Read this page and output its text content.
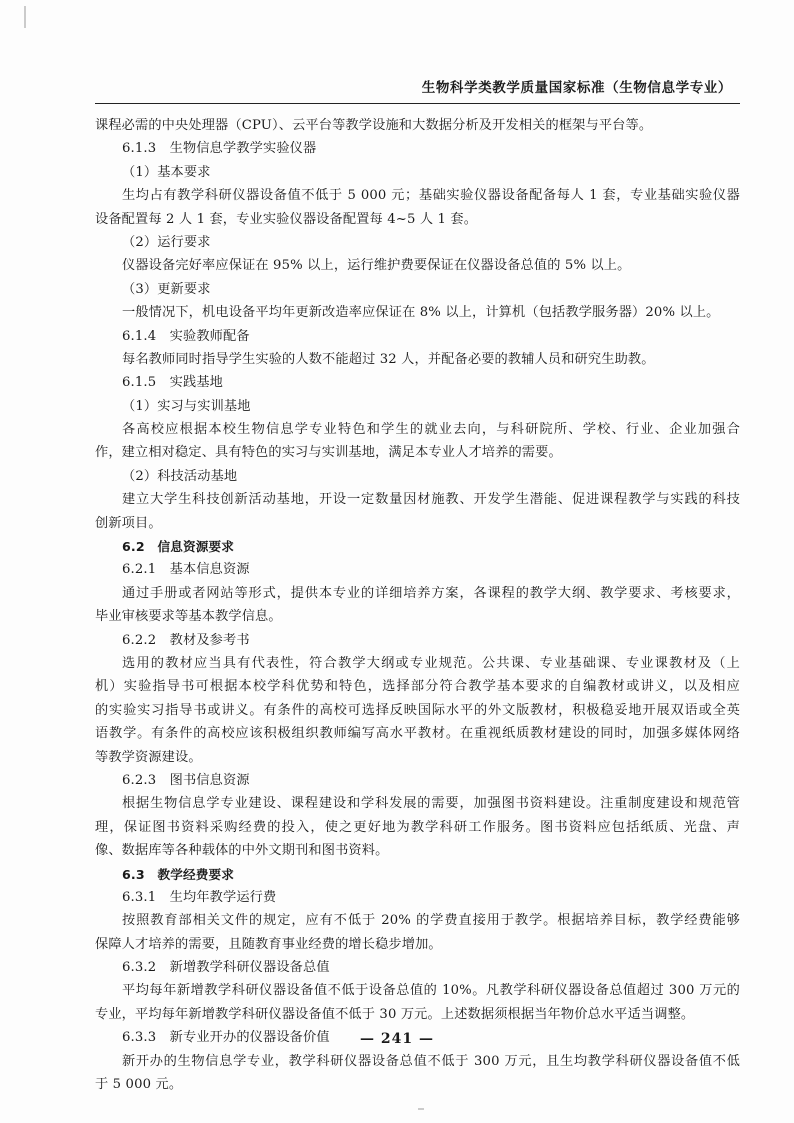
生物科学类教学质量国家标准（生物信息学专业）
课程必需的中央处理器（CPU）、云平台等教学设施和大数据分析及开发相关的框架与平台等。
6.1.3　生物信息学教学实验仪器
（1）基本要求
生均占有教学科研仪器设备值不低于 5 000 元；基础实验仪器设备配备每人 1 套，专业基础实验仪器
设备配置每 2 人 1 套，专业实验仪器设备配置每 4~5 人 1 套。
（2）运行要求
仪器设备完好率应保证在 95% 以上，运行维护费要保证在仪器设备总值的 5% 以上。
（3）更新要求
一般情况下，机电设备平均年更新改造率应保证在 8% 以上，计算机（包括教学服务器）20% 以上。
6.1.4　实验教师配备
每名教师同时指导学生实验的人数不能超过 32 人，并配备必要的教辅人员和研究生助教。
6.1.5　实践基地
（1）实习与实训基地
各高校应根据本校生物信息学专业特色和学生的就业去向，与科研院所、学校、行业、企业加强合
作，建立相对稳定、具有特色的实习与实训基地，满足本专业人才培养的需要。
（2）科技活动基地
建立大学生科技创新活动基地，开设一定数量因材施教、开发学生潜能、促进课程教学与实践的科技
创新项目。
6.2　信息资源要求
6.2.1　基本信息资源
通过手册或者网站等形式，提供本专业的详细培养方案，各课程的教学大纲、教学要求、考核要求，
毕业审核要求等基本教学信息。
6.2.2　教材及参考书
选用的教材应当具有代表性，符合教学大纲或专业规范。公共课、专业基础课、专业课教材及（上
机）实验指导书可根据本校学科优势和特色，选择部分符合教学基本要求的自编教材或讲义，以及相应
的实验实习指导书或讲义。有条件的高校可选择反映国际水平的外文版教材，积极稳妥地开展双语或全英
语教学。有条件的高校应该积极组织教师编写高水平教材。在重视纸质教材建设的同时，加强多媒体网络
等教学资源建设。
6.2.3　图书信息资源
根据生物信息学专业建设、课程建设和学科发展的需要，加强图书资料建设。注重制度建设和规范管
理，保证图书资料采购经费的投入，使之更好地为教学科研工作服务。图书资料应包括纸质、光盘、声
像、数据库等各种载体的中外文期刊和图书资料。
6.3　教学经费要求
6.3.1　生均年教学运行费
按照教育部相关文件的规定，应有不低于 20% 的学费直接用于教学。根据培养目标，教学经费能够
保障人才培养的需要，且随教育事业经费的增长稳步增加。
6.3.2　新增教学科研仪器设备总值
平均每年新增教学科研仪器设备值不低于设备总值的 10%。凡教学科研仪器设备总值超过 300 万元的
专业，平均每年新增教学科研仪器设备值不低于 30 万元。上述数据须根据当年物价总水平适当调整。
6.3.3　新专业开办的仪器设备价值
新开办的生物信息学专业，教学科研仪器设备总值不低于 300 万元，且生均教学科研仪器设备值不低
于 5 000 元。
— 241 —
